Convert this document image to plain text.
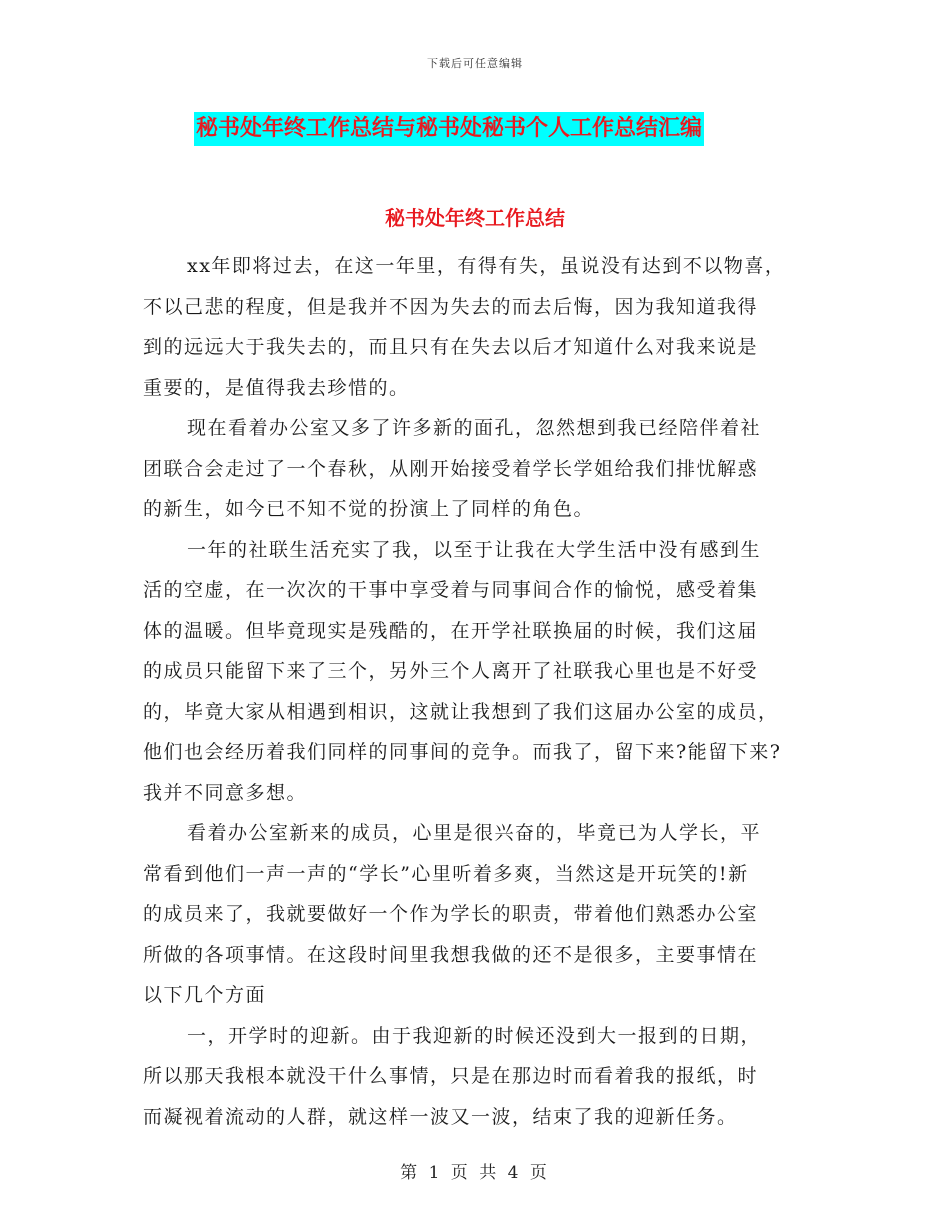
下载后可任意编辑
秘书处年终工作总结与秘书处秘书个人工作总结汇编
秘书处年终工作总结
xx年即将过去，在这一年里，有得有失，虽说没有达到不以物喜，
不以己悲的程度，但是我并不因为失去的而去后悔，因为我知道我得
到的远远大于我失去的，而且只有在失去以后才知道什么对我来说是
重要的，是值得我去珍惜的。
现在看着办公室又多了许多新的面孔，忽然想到我已经陪伴着社
团联合会走过了一个春秋，从刚开始接受着学长学姐给我们排忧解惑
的新生，如今已不知不觉的扮演上了同样的角色。
一年的社联生活充实了我，以至于让我在大学生活中没有感到生
活的空虚，在一次次的干事中享受着与同事间合作的愉悦，感受着集
体的温暖。但毕竟现实是残酷的，在开学社联换届的时候，我们这届
的成员只能留下来了三个，另外三个人离开了社联我心里也是不好受
的，毕竟大家从相遇到相识，这就让我想到了我们这届办公室的成员，
他们也会经历着我们同样的同事间的竞争。而我了，留下来?能留下来?
我并不同意多想。
看着办公室新来的成员，心里是很兴奋的，毕竟已为人学长，平
常看到他们一声一声的“学长”心里听着多爽，当然这是开玩笑的!新
的成员来了，我就要做好一个作为学长的职责，带着他们熟悉办公室
所做的各项事情。在这段时间里我想我做的还不是很多，主要事情在
以下几个方面
一，开学时的迎新。由于我迎新的时候还没到大一报到的日期，
所以那天我根本就没干什么事情，只是在那边时而看着我的报纸，时
而凝视着流动的人群，就这样一波又一波，结束了我的迎新任务。
第 1 页 共 4 页
